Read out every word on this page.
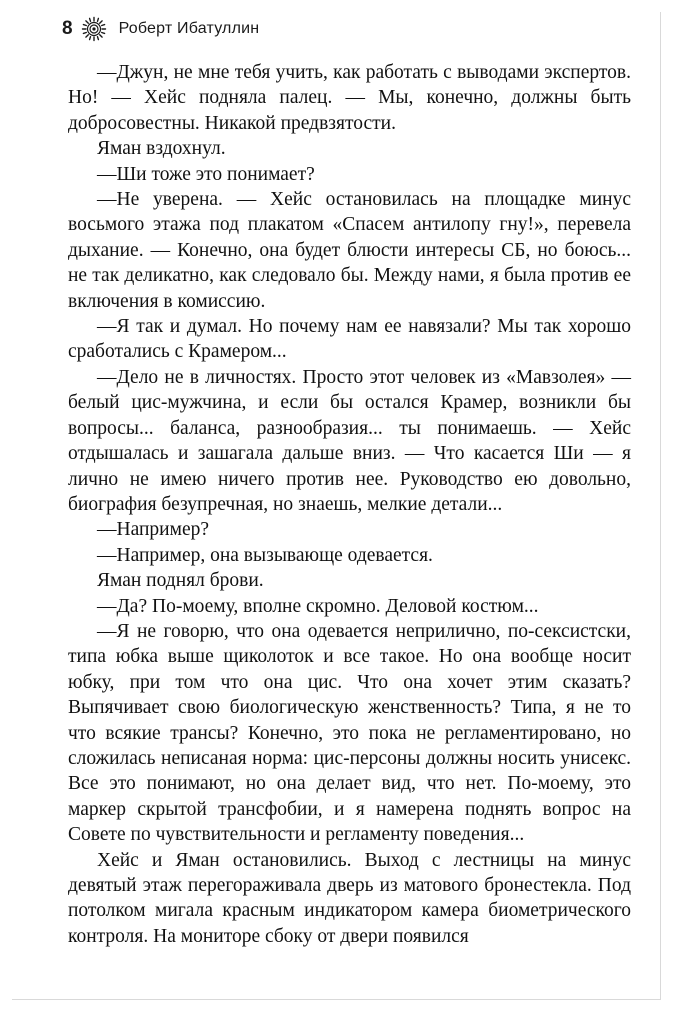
8	Роберт Ибатуллин

—Джун, не мне тебя учить, как работать с выводами экспертов. Но! — Хейс подняла палец. — Мы, конечно, должны быть добросовестны. Никакой предвзятости.

Яман вздохнул.

—Ши тоже это понимает?

—Не уверена. — Хейс остановилась на площадке минус восьмого этажа под плакатом «Спасем антилопу гну!», перевела дыхание. — Конечно, она будет блюсти интересы СБ, но боюсь... не так деликатно, как следовало бы. Между нами, я была против ее включения в комиссию.

—Я так и думал. Но почему нам ее навязали? Мы так хорошо сработались с Крамером...

—Дело не в личностях. Просто этот человек из «Мавзолея» — белый цис-мужчина, и если бы остался Крамер, возникли бы вопросы... баланса, разнообразия... ты понимаешь. — Хейс отдышалась и зашагала дальше вниз. — Что касается Ши — я лично не имею ничего против нее. Руководство ею довольно, биография безупречная, но знаешь, мелкие детали...

—Например?

—Например, она вызывающе одевается.

Яман поднял брови.

—Да? По-моему, вполне скромно. Деловой костюм...

—Я не говорю, что она одевается неприлично, по-сексистски, типа юбка выше щиколоток и все такое. Но она вообще носит юбку, при том что она цис. Что она хочет этим сказать? Выпячивает свою биологическую женственность? Типа, я не то что всякие трансы? Конечно, это пока не регламентировано, но сложилась неписаная норма: цис-персоны должны носить унисекс. Все это понимают, но она делает вид, что нет. По-моему, это маркер скрытой трансфобии, и я намерена поднять вопрос на Совете по чувствительности и регламенту поведения...

Хейс и Яман остановились. Выход с лестницы на минус девятый этаж перегораживала дверь из матового бронестекла. Под потолком мигала красным индикатором камера биометрического контроля. На мониторе сбоку от двери появился
